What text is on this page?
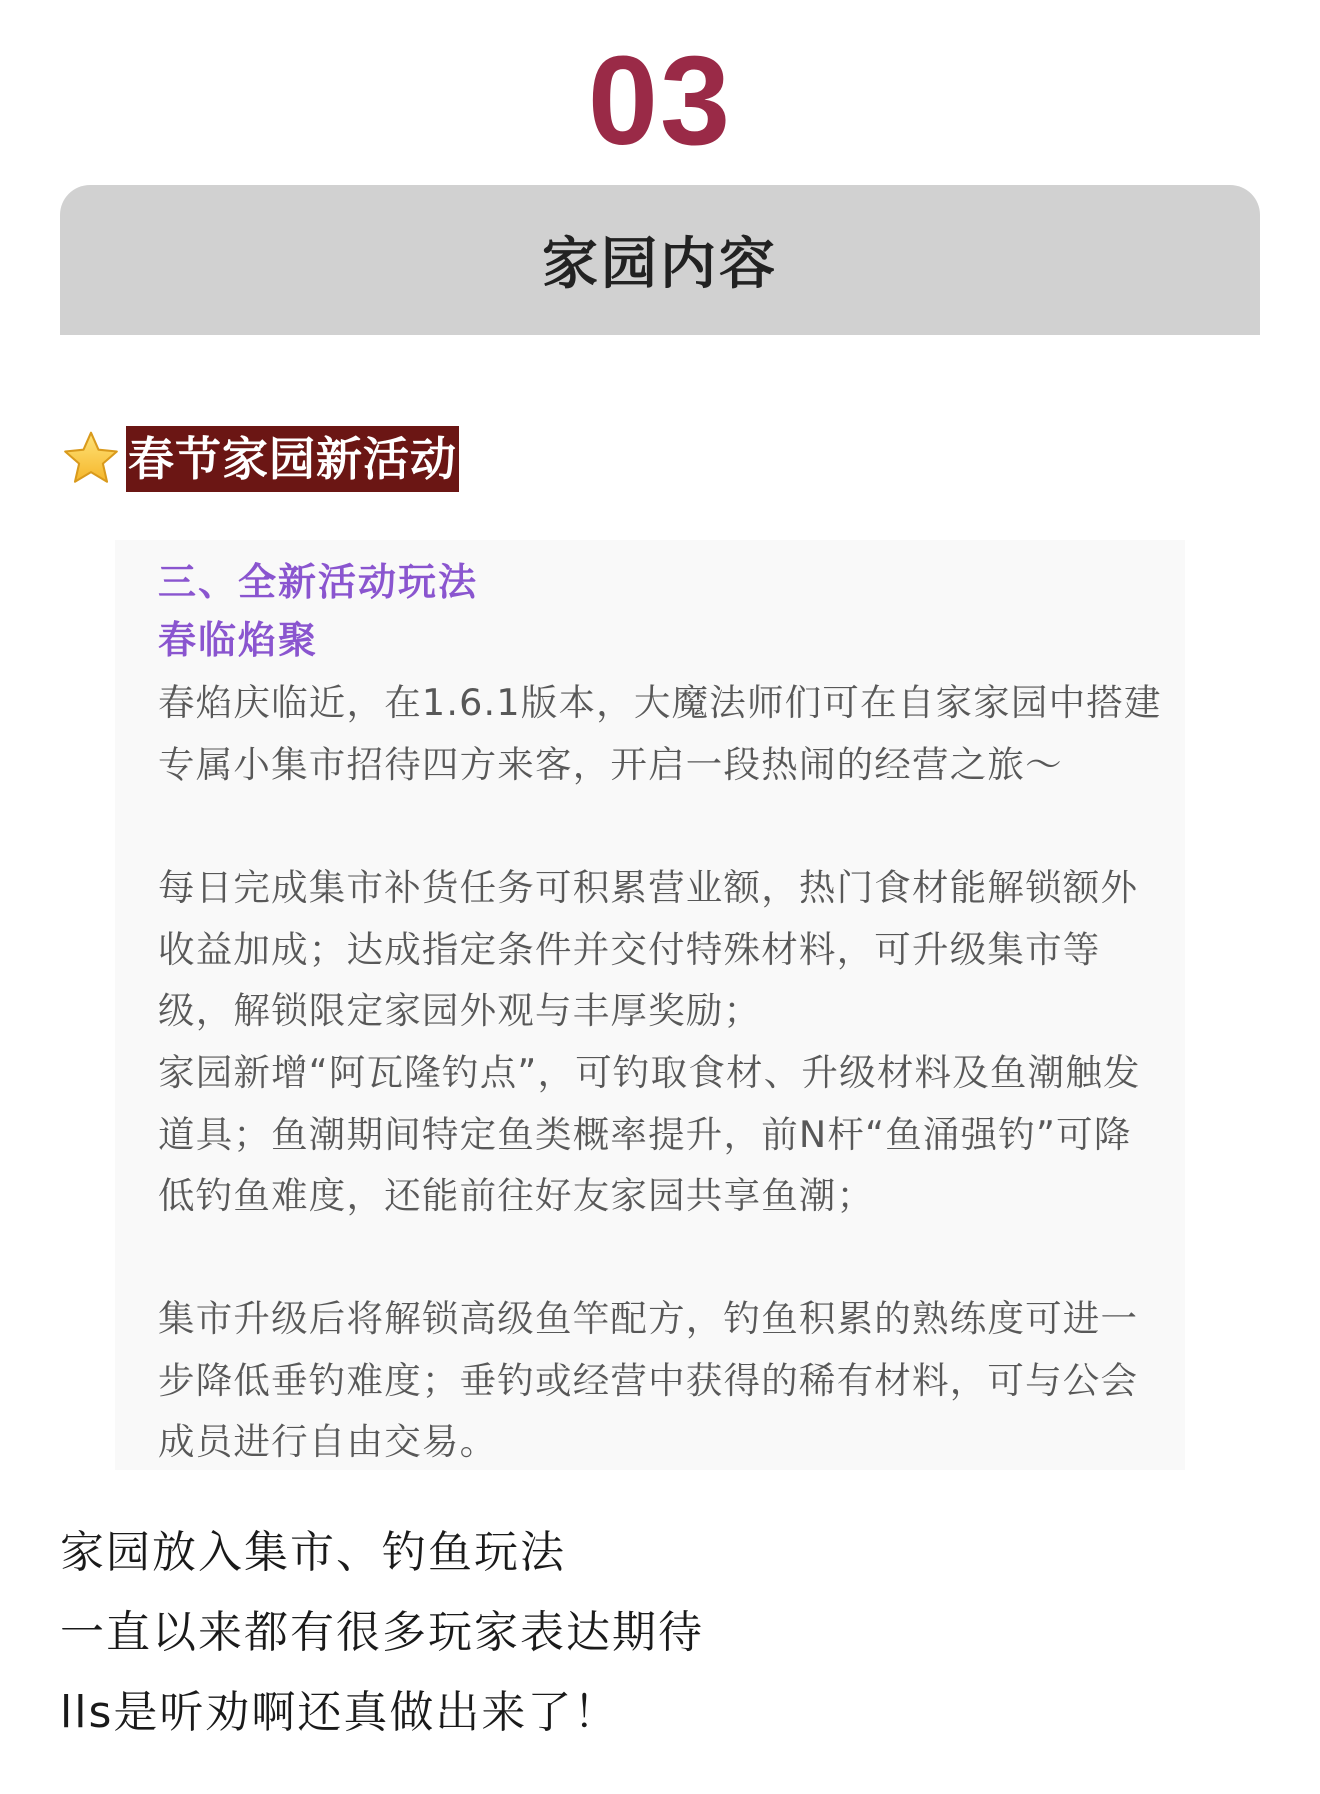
03
家园内容
春节家园新活动
三、全新活动玩法
春临焰聚

春焰庆临近，在1.6.1版本，大魔法师们可在自家家园中搭建专属小集市招待四方来客，开启一段热闹的经营之旅～

每日完成集市补货任务可积累营业额，热门食材能解锁额外收益加成；达成指定条件并交付特殊材料，可升级集市等级，解锁限定家园外观与丰厚奖励；

家园新增“阿瓦隆钓点”，可钓取食材、升级材料及鱼潮触发道具；鱼潮期间特定鱼类概率提升，前N杆“鱼涌强钓”可降低钓鱼难度，还能前往好友家园共享鱼潮；

集市升级后将解锁高级鱼竿配方，钓鱼积累的熟练度可进一步降低垂钓难度；垂钓或经营中获得的稀有材料，可与公会成员进行自由交易。

家园放入集市、钓鱼玩法
一直以来都有很多玩家表达期待
lls是听劝啊还真做出来了！
